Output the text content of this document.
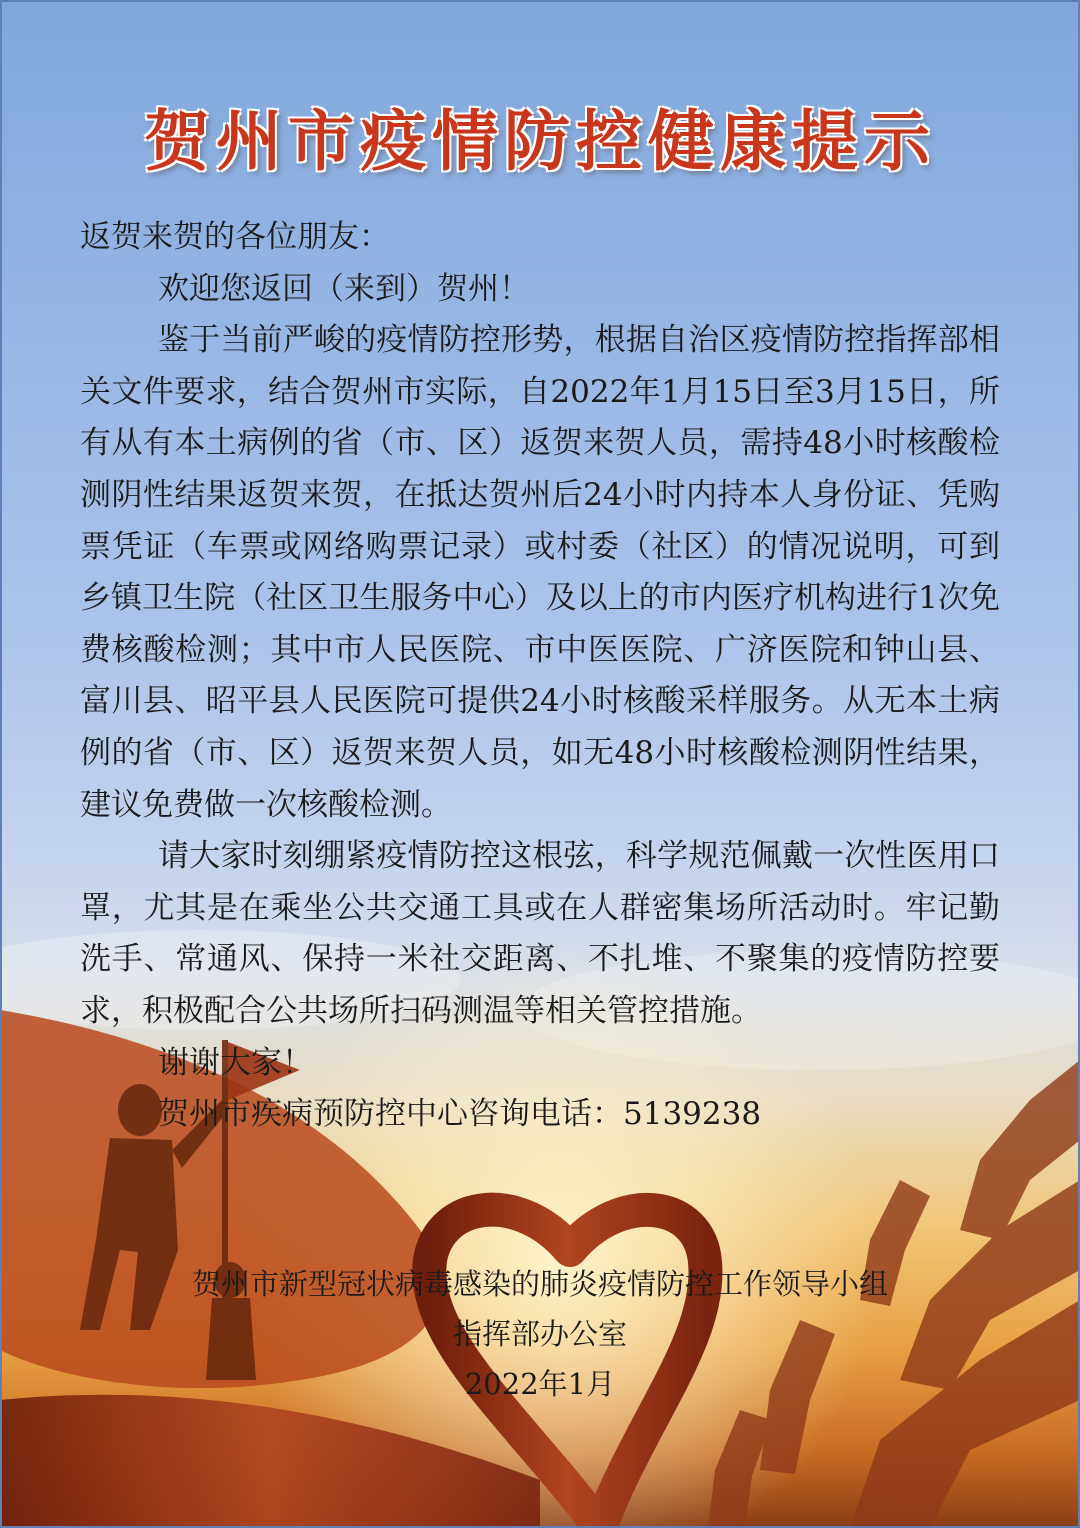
贺州市疫情防控健康提示

返贺来贺的各位朋友：

欢迎您返回（来到）贺州！

鉴于当前严峻的疫情防控形势，根据自治区疫情防控指挥部相关文件要求，结合贺州市实际，自2022年1月15日至3月15日，所有从有本土病例的省（市、区）返贺来贺人员，需持48小时核酸检测阴性结果返贺来贺，在抵达贺州后24小时内持本人身份证、凭购票凭证（车票或网络购票记录）或村委（社区）的情况说明，可到乡镇卫生院（社区卫生服务中心）及以上的市内医疗机构进行1次免费核酸检测；其中市人民医院、市中医医院、广济医院和钟山县、富川县、昭平县人民医院可提供24小时核酸采样服务。从无本土病例的省（市、区）返贺来贺人员，如无48小时核酸检测阴性结果，建议免费做一次核酸检测。

请大家时刻绷紧疫情防控这根弦，科学规范佩戴一次性医用口罩，尤其是在乘坐公共交通工具或在人群密集场所活动时。牢记勤洗手、常通风、保持一米社交距离、不扎堆、不聚集的疫情防控要求，积极配合公共场所扫码测温等相关管控措施。

谢谢大家！

贺州市疾病预防控中心咨询电话：5139238

贺州市新型冠状病毒感染的肺炎疫情防控工作领导小组

指挥部办公室

2022年1月
